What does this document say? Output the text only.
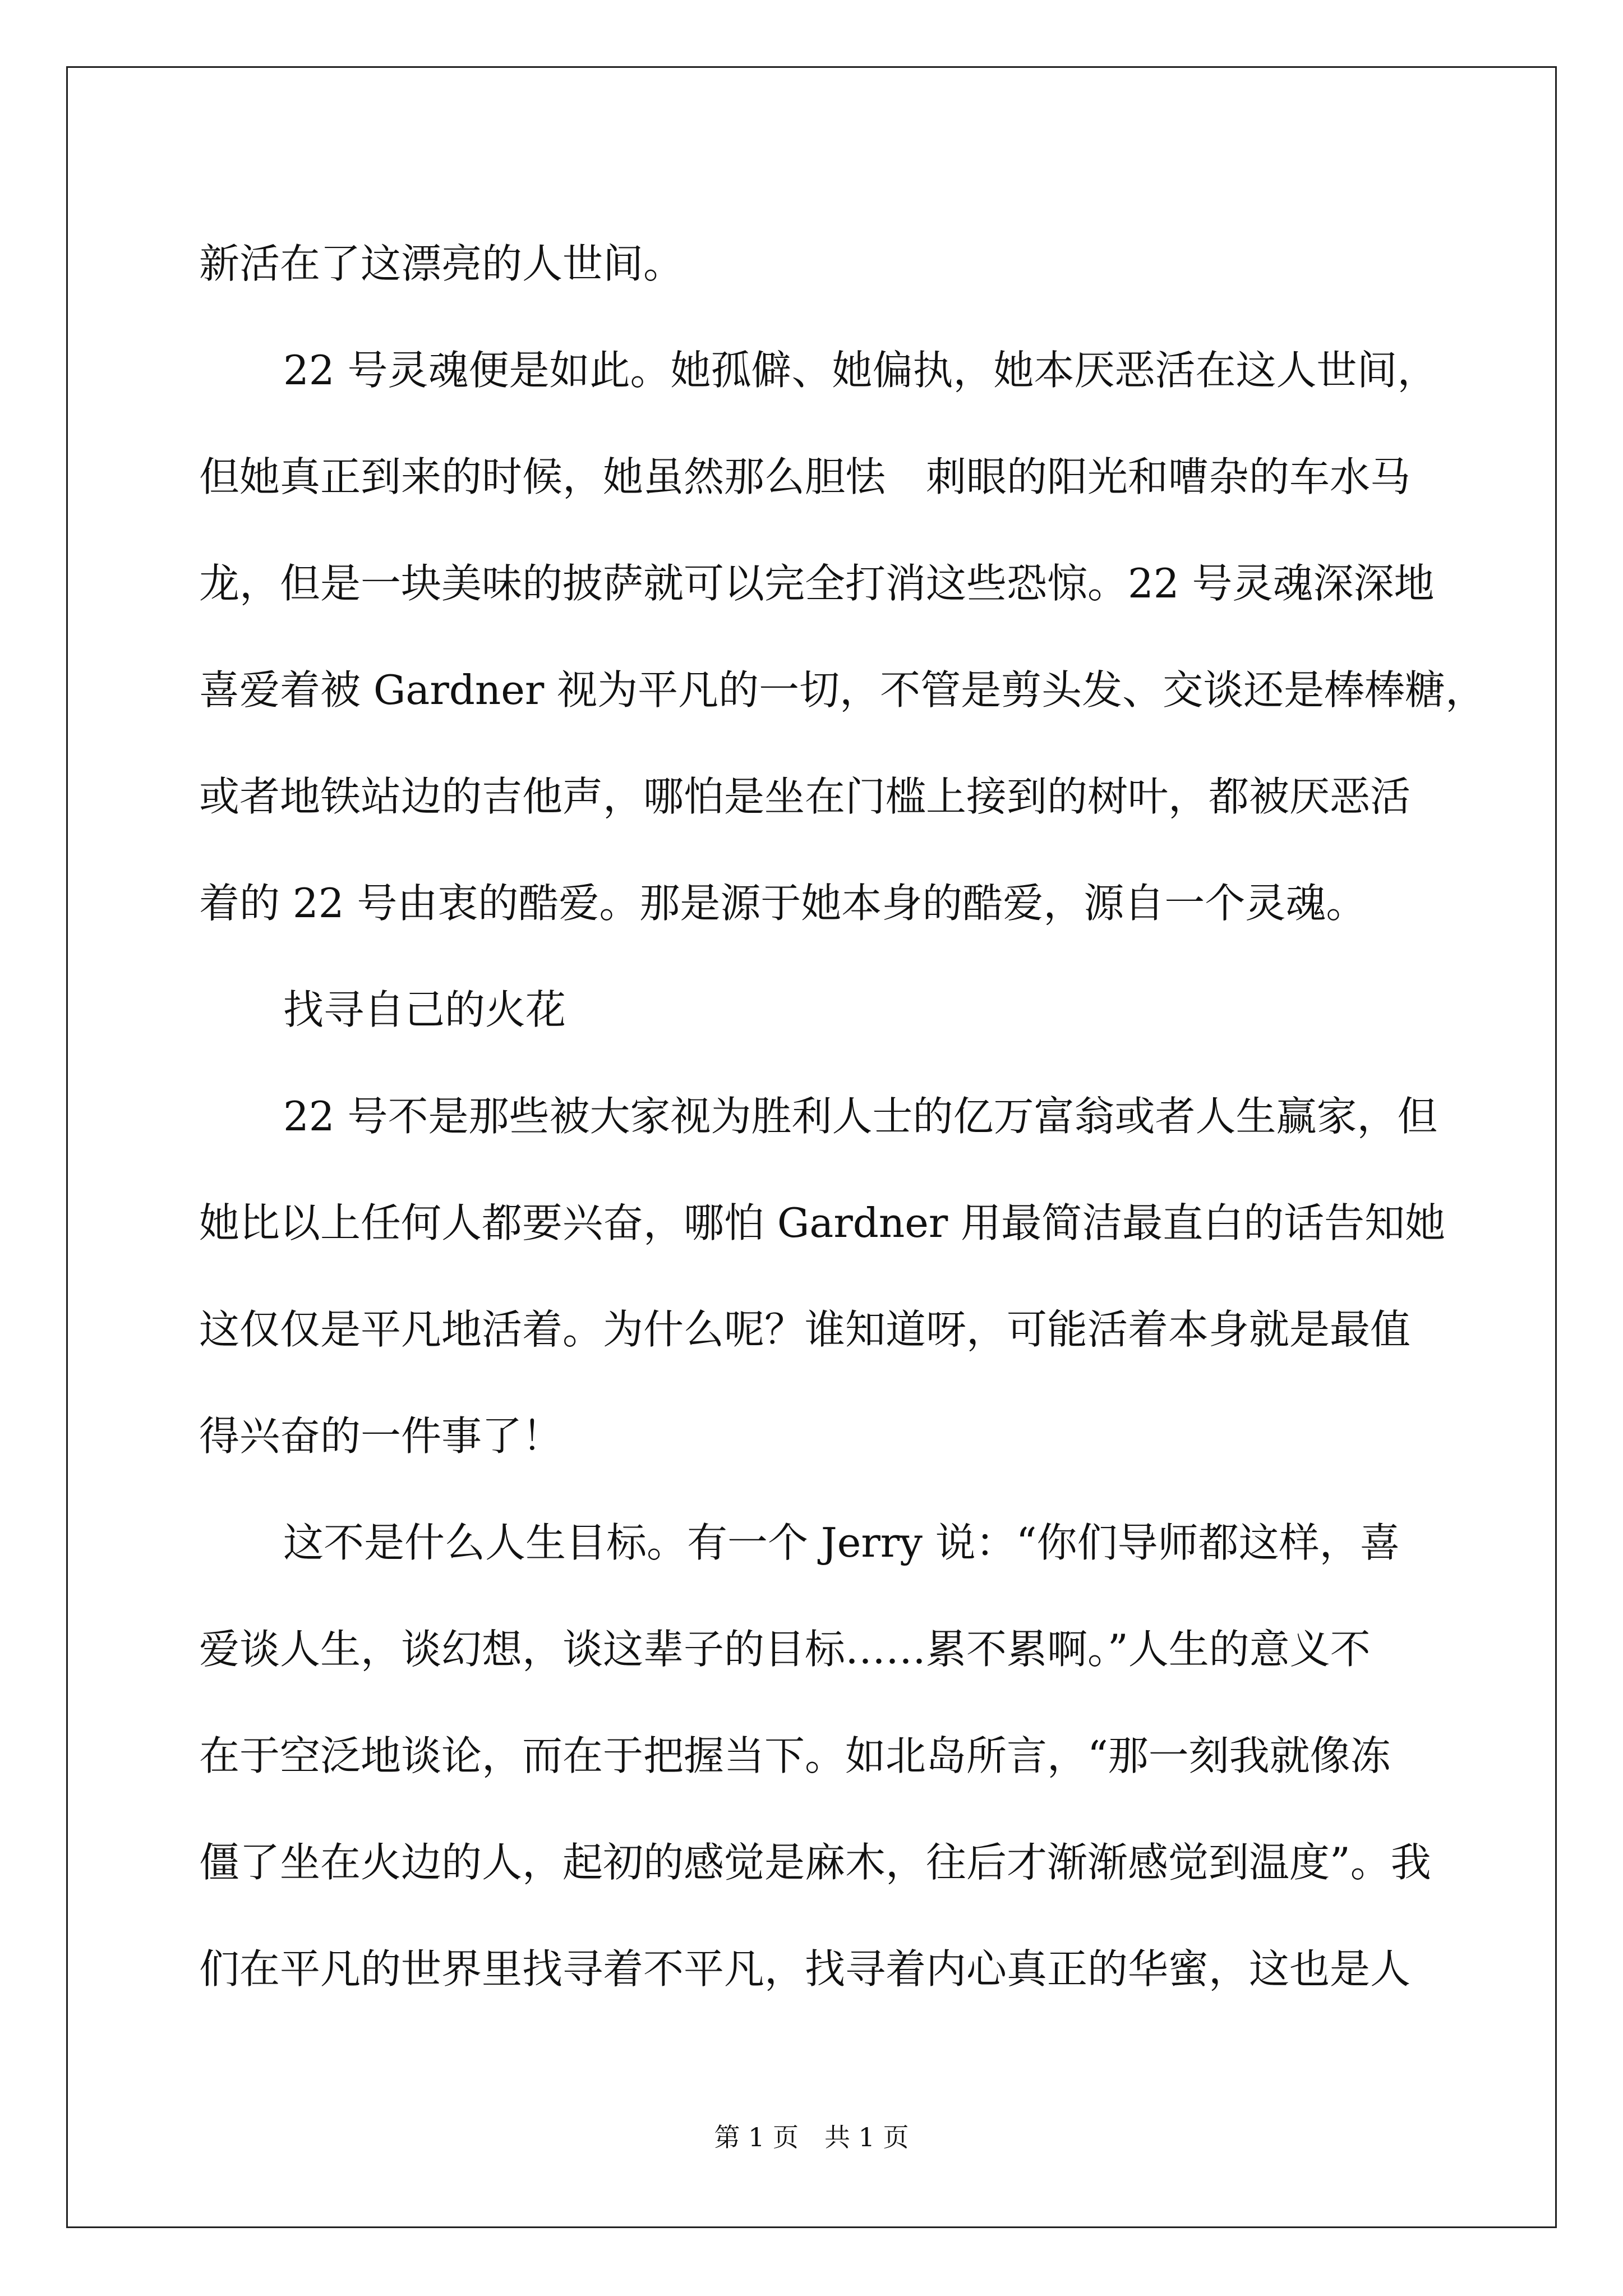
新活在了这漂亮的人世间。
22 号灵魂便是如此。她孤僻、她偏执，她本厌恶活在这人世间，
但她真正到来的时候，她虽然那么胆怯　刺眼的阳光和嘈杂的车水马
龙，但是一块美味的披萨就可以完全打消这些恐惊。22 号灵魂深深地
喜爱着被 Gardner 视为平凡的一切，不管是剪头发、交谈还是棒棒糖，
或者地铁站边的吉他声，哪怕是坐在门槛上接到的树叶，都被厌恶活
着的 22 号由衷的酷爱。那是源于她本身的酷爱，源自一个灵魂。
找寻自己的火花
22 号不是那些被大家视为胜利人士的亿万富翁或者人生赢家，但
她比以上任何人都要兴奋，哪怕 Gardner 用最简洁最直白的话告知她
这仅仅是平凡地活着。为什么呢？谁知道呀，可能活着本身就是最值
得兴奋的一件事了！
这不是什么人生目标。有一个 Jerry 说：“你们导师都这样，喜
爱谈人生，谈幻想，谈这辈子的目标……累不累啊。”人生的意义不
在于空泛地谈论，而在于把握当下。如北岛所言，“那一刻我就像冻
僵了坐在火边的人，起初的感觉是麻木，往后才渐渐感觉到温度”。我
们在平凡的世界里找寻着不平凡，找寻着内心真正的华蜜，这也是人
第 1 页　共 1 页
